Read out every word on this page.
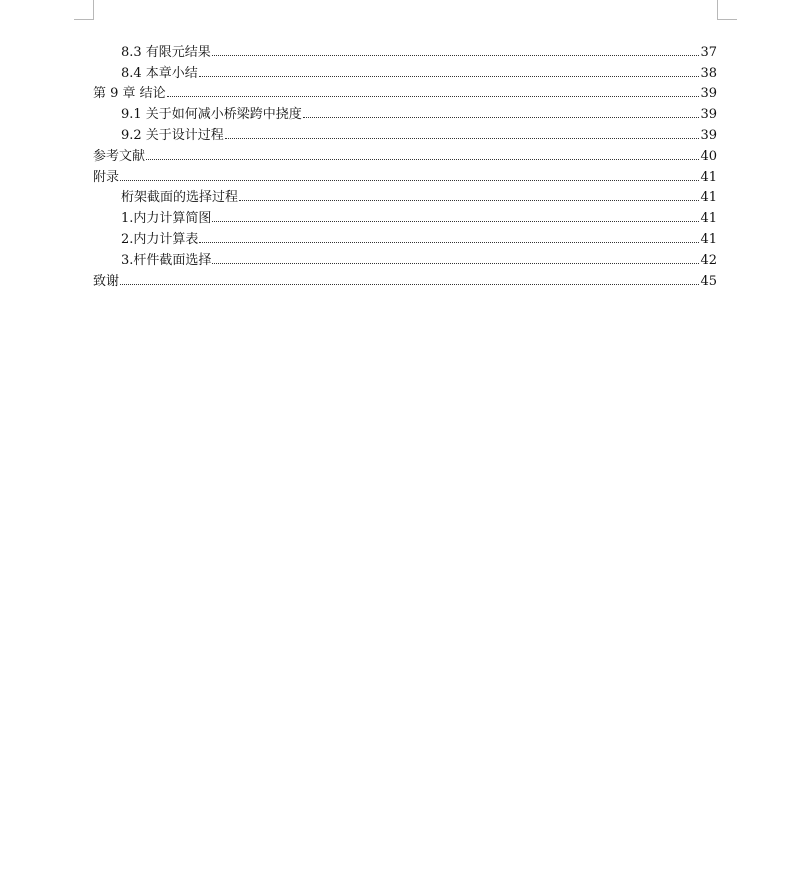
8.3 有限元结果	37
8.4 本章小结	38
第 9 章 结论	39
9.1 关于如何减小桥梁跨中挠度	39
9.2 关于设计过程	39
参考文献	40
附录	41
桁架截面的选择过程	41
1.内力计算简图	41
2.内力计算表	41
3.杆件截面选择	42
致谢	45
